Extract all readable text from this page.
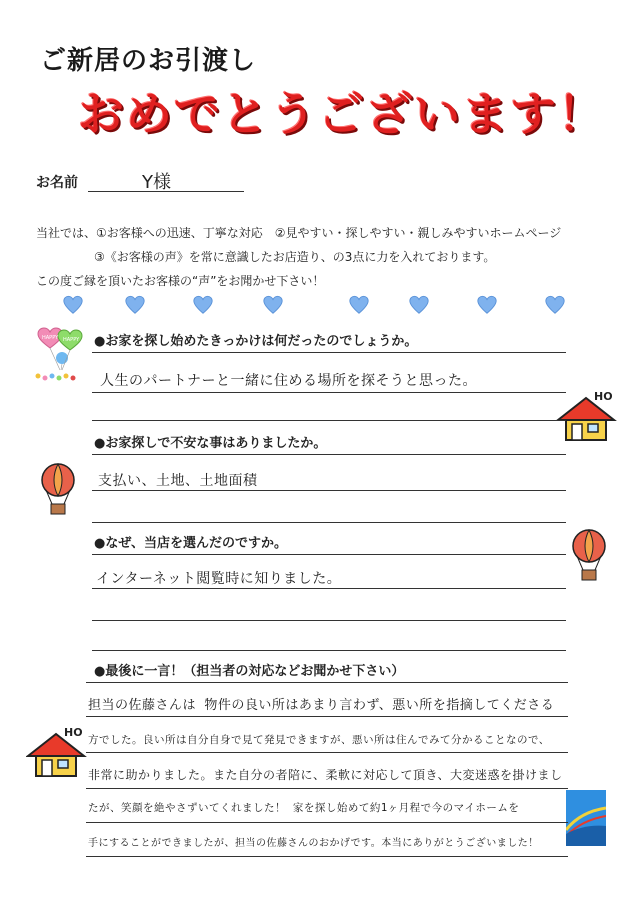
ご新居のお引渡し
おめでとうございます！
お名前	Y様
当社では、①お客様への迅速、丁寧な対応　②見やすい・探しやすい・親しみやすいホームページ
③《お客様の声》を常に意識したお店造り、の3点に力を入れております。
この度ご縁を頂いたお客様の“声”をお聞かせ下さい！
HAPPY HAPPY
HO
HO
●お家を探し始めたきっかけは何だったのでしょうか。
人生のパートナーと一緒に住める場所を探そうと思った。
●お家探しで不安な事はありましたか。
支払い、土地、土地面積
●なぜ、当店を選んだのですか。
インターネット閲覧時に知りました。
●最後に一言！（担当者の対応などお聞かせ下さい）
担当の佐藤さんは 物件の良い所はあまり言わず、悪い所を指摘してくださる
方でした。良い所は自分自身で見て発見できますが、悪い所は住んでみて分かることなので、
非常に助かりました。また自分の者陪に、柔軟に対応して頂き、大変迷惑を掛けまし
たが、笑顔を絶やさずいてくれました！ 家を探し始めて約1ヶ月程で今のマイホームを
手にすることができましたが、担当の佐藤さんのおかげです。本当にありがとうございました！
